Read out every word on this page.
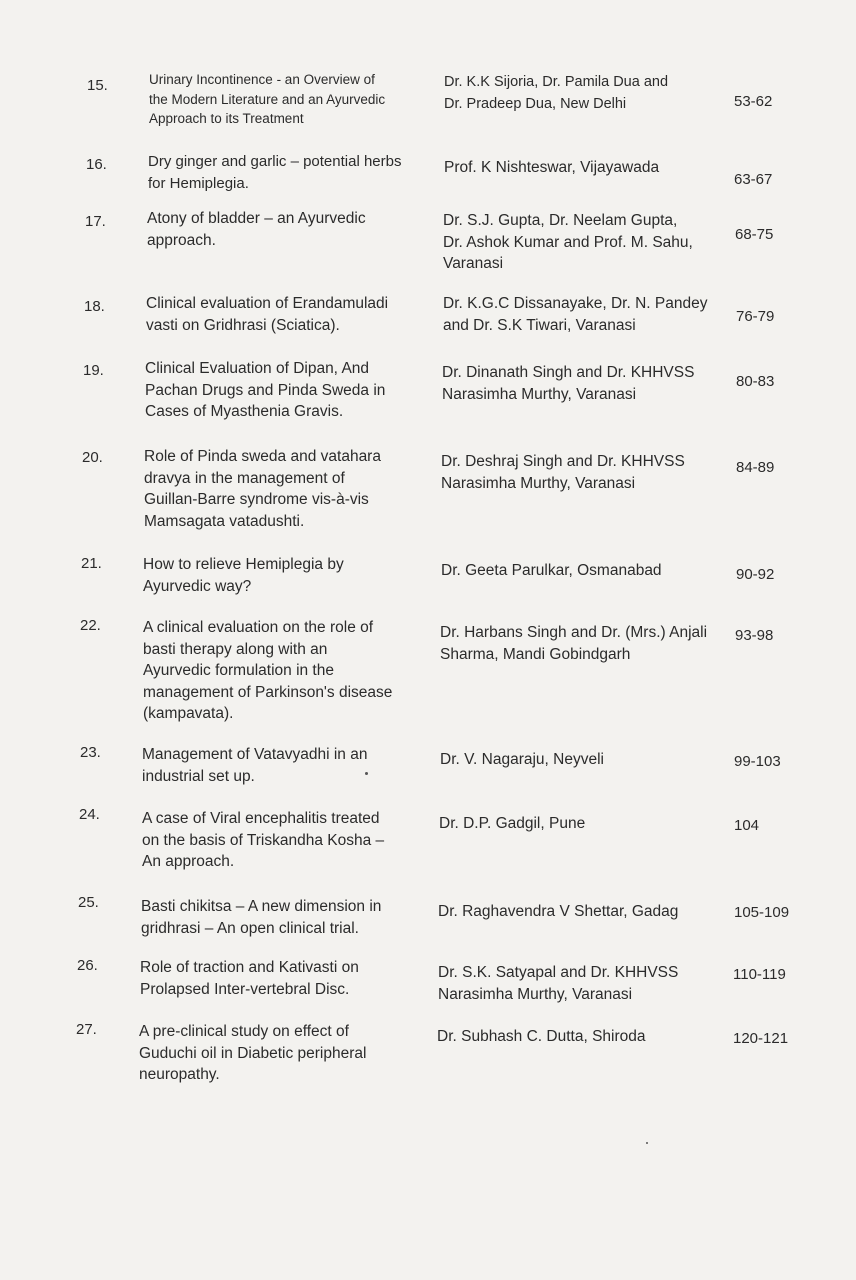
15.	Urinary Incontinence - an Overview of
the Modern Literature and an Ayurvedic
Approach to its Treatment
Dr. K.K Sijoria, Dr. Pamila Dua and
Dr. Pradeep Dua, New Delhi	53-62
16.	Dry ginger and garlic – potential herbs
for Hemiplegia.
Prof. K Nishteswar, Vijayawada
63-67
17.	Atony of bladder – an Ayurvedic
approach.
Dr. S.J. Gupta, Dr. Neelam Gupta,
Dr. Ashok Kumar and Prof. M. Sahu,
Varanasi
68-75
18.	Clinical evaluation of Erandamuladi
vasti on Gridhrasi (Sciatica).
Dr. K.G.C Dissanayake, Dr. N. Pandey
and Dr. S.K Tiwari, Varanasi	76-79
19.	Clinical Evaluation of Dipan, And
Pachan Drugs and Pinda Sweda in
Cases of Myasthenia Gravis.
Dr. Dinanath Singh and Dr. KHHVSS
Narasimha Murthy, Varanasi
80-83
20.	Role of Pinda sweda and vatahara
dravya in the management of
Guillan-Barre syndrome vis-à-vis
Mamsagata vatadushti.
Dr. Deshraj Singh and Dr. KHHVSS
Narasimha Murthy, Varanasi
84-89
21.	How to relieve Hemiplegia by
Ayurvedic way?
Dr. Geeta Parulkar, Osmanabad	90-92
22.	A clinical evaluation on the role of
basti therapy along with an
Ayurvedic formulation in the
management of Parkinson's disease
(kampavata).
Dr. Harbans Singh and Dr. (Mrs.) Anjali
Sharma, Mandi Gobindgarh
93-98
23.	Management of Vatavyadhi in an
industrial set up.
Dr. V. Nagaraju, Neyveli	99-103
24.	A case of Viral encephalitis treated
on the basis of Triskandha Kosha –
An approach.
Dr. D.P. Gadgil, Pune	104
25.	Basti chikitsa – A new dimension in
gridhrasi – An open clinical trial.
Dr. Raghavendra V Shettar, Gadag	105-109
26.	Role of traction and Kativasti on
Prolapsed Inter-vertebral Disc.
Dr. S.K. Satyapal and Dr. KHHVSS
Narasimha Murthy, Varanasi
110-119
27.	A pre-clinical study on effect of
Guduchi oil in Diabetic peripheral
neuropathy.
Dr. Subhash C. Dutta, Shiroda	120-121
